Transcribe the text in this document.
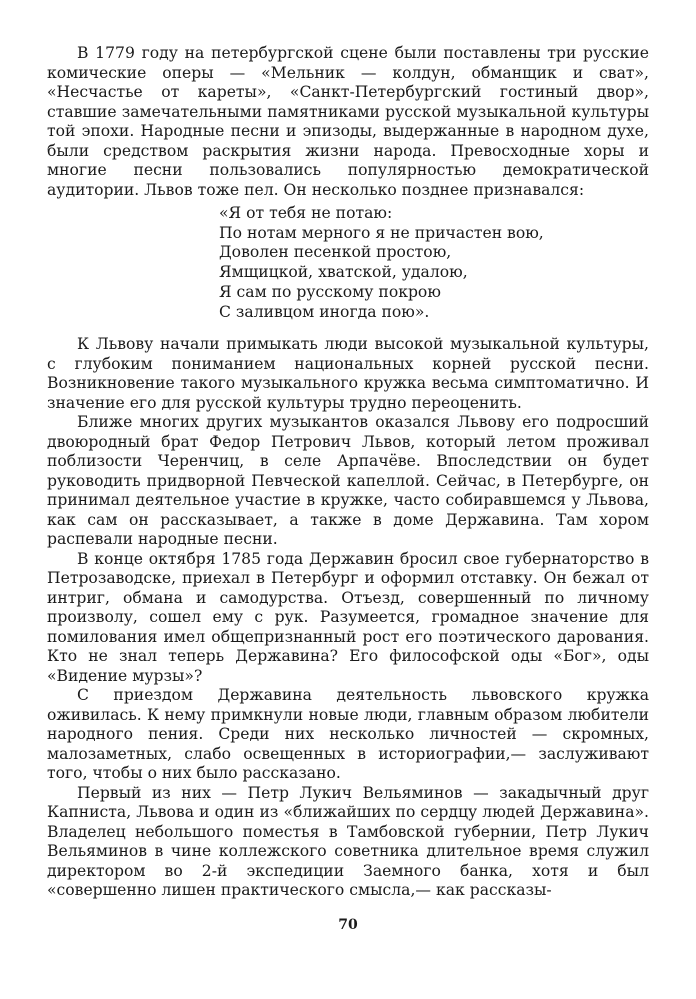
В 1779 году на петербургской сцене были поставлены три русские комические оперы — «Мельник — колдун, обманщик и сват», «Несчастье от кареты», «Санкт-Петербургский гостиный двор», ставшие замечательными памятниками русской музыкальной культуры той эпохи. Народные песни и эпизоды, выдержанные в народном духе, были средством раскрытия жизни народа. Превосходные хоры и многие песни пользовались популярностью демократической аудитории. Львов тоже пел. Он несколько позднее признавался:

«Я от тебя не потаю:
По нотам мерного я не причастен вою,
Доволен песенкой простою,
Ямщицкой, хватской, удалою,
Я сам по русскому покрою
С заливцом иногда пою».

К Львову начали примыкать люди высокой музыкальной культуры, с глубоким пониманием национальных корней русской песни. Возникновение такого музыкального кружка весьма симптоматично. И значение его для русской культуры трудно переоценить.

Ближе многих других музыкантов оказался Львову его подросший двоюродный брат Федор Петрович Львов, который летом проживал поблизости Черенчиц, в селе Арпачёве. Впоследствии он будет руководить придворной Певческой капеллой. Сейчас, в Петербурге, он принимал деятельное участие в кружке, часто собиравшемся у Львова, как сам он рассказывает, а также в доме Державина. Там хором распевали народные песни.

В конце октября 1785 года Державин бросил свое губернаторство в Петрозаводске, приехал в Петербург и оформил отставку. Он бежал от интриг, обмана и самодурства. Отъезд, совершенный по личному произволу, сошел ему с рук. Разумеется, громадное значение для помилования имел общепризнанный рост его поэтического дарования. Кто не знал теперь Державина? Его философской оды «Бог», оды «Видение мурзы»?

С приездом Державина деятельность львовского кружка оживилась. К нему примкнули новые люди, главным образом любители народного пения. Среди них несколько личностей — скромных, малозаметных, слабо освещенных в историографии,— заслуживают того, чтобы о них было рассказано.

Первый из них — Петр Лукич Вельяминов — закадычный друг Капниста, Львова и один из «ближайших по сердцу людей Державина». Владелец небольшого поместья в Тамбовской губернии, Петр Лукич Вельяминов в чине коллежского советника длительное время служил директором во 2-й экспедиции Заемного банка, хотя и был «совершенно лишен практического смысла,— как рассказы-

70
